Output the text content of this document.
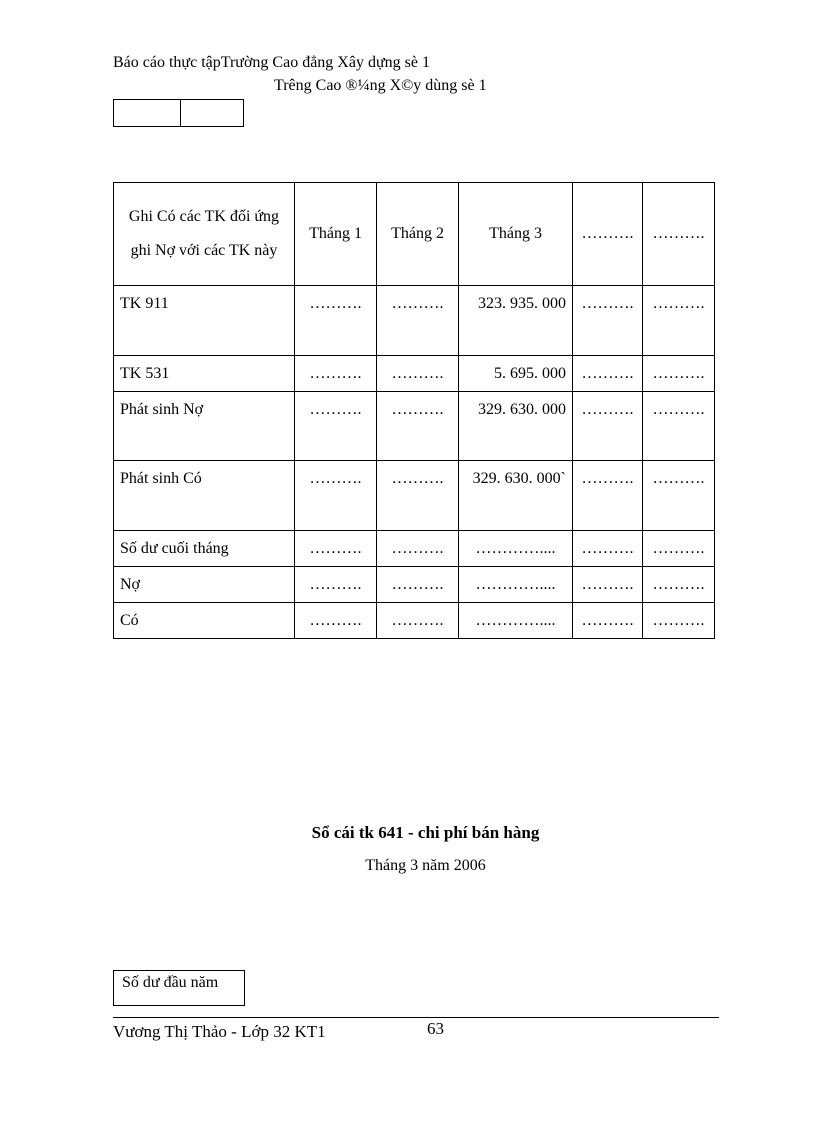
Báo cáo thực tậpTrường Cao đẳng Xây dựng sè 1
Trêng Cao ®¼ng X©y dùng sè 1
Ghi Có các TK đối ứng ghi Nợ với các TK này	Tháng 1	Tháng 2	Tháng 3	……….	……….
TK 911	……….	……….	323. 935. 000	……….	……….
TK 531	……….	……….	5. 695. 000	……….	……….
Phát sinh Nợ	……….	……….	329. 630. 000	……….	……….
Phát sinh Có	……….	……….	329. 630. 000`	……….	……….
Số dư cuối tháng	……….	……….	…………....	……….	……….
Nợ	……….	……….	…………....	……….	……….
Có	……….	……….	…………....	……….	……….
Sổ cái tk 641 - chi phí bán hàng
Tháng 3 năm 2006
Số dư đầu năm
Vương Thị Thảo - Lớp 32 KT1	63
